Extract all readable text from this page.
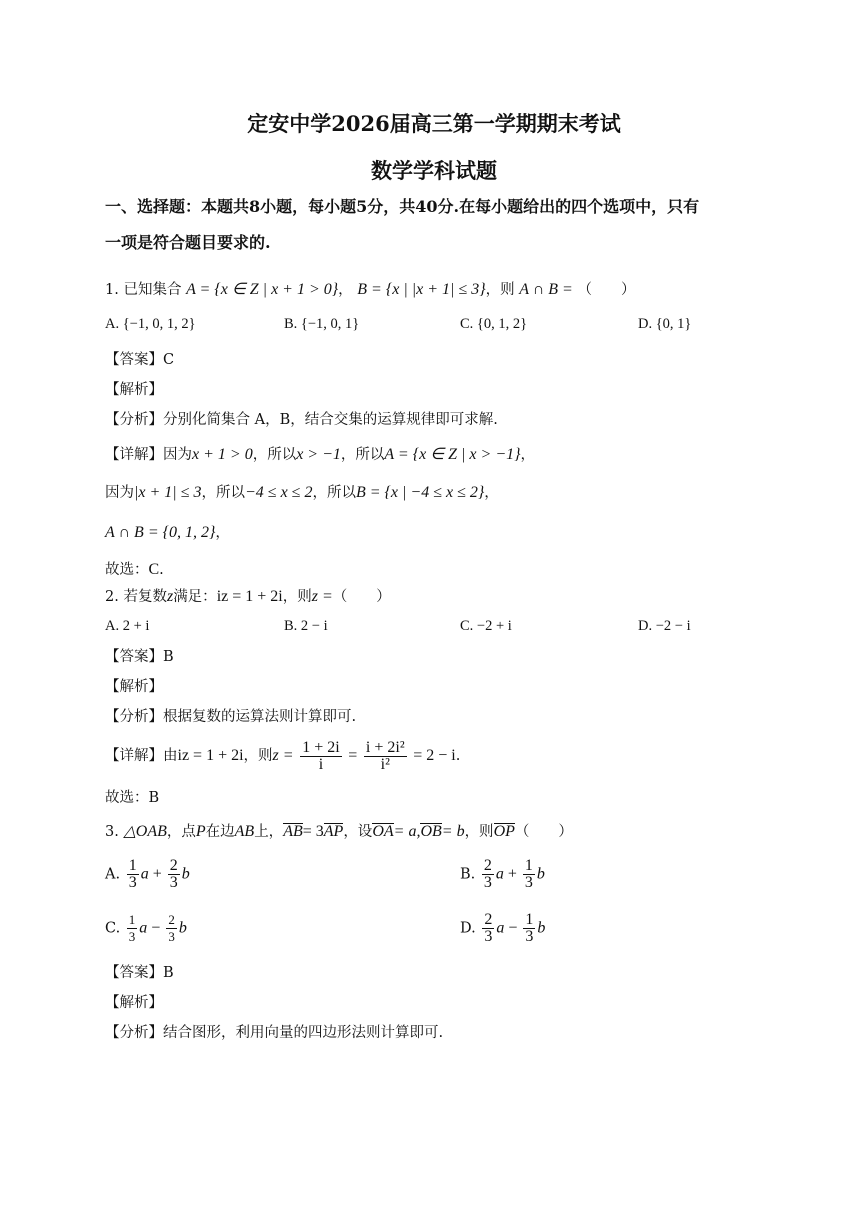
定安中学2026届高三第一学期期末考试
数学学科试题
一、选择题：本题共8小题，每小题5分，共40分.在每小题给出的四个选项中，只有
一项是符合题目要求的.
1. 已知集合 A = {x ∈ Z | x + 1 > 0}， B = {x | |x + 1| ≤ 3}，则 A ∩ B = （　　）
A. {−1, 0, 1, 2}	B. {−1, 0, 1}	C. {0, 1, 2}	D. {0, 1}
【答案】C
【解析】
【分析】分别化简集合 A，B，结合交集的运算规律即可求解.
【详解】因为x + 1 > 0，所以x > −1，所以A = {x ∈ Z | x > −1}，
因为|x + 1| ≤ 3，所以−4 ≤ x ≤ 2，所以B = {x | −4 ≤ x ≤ 2}，
A ∩ B = {0, 1, 2}，
故选：C.
2. 若复数z满足：iz = 1 + 2i，则z =（　　）
A. 2 + i	B. 2 − i	C. −2 + i	D. −2 − i
【答案】B
【解析】
【分析】根据复数的运算法则计算即可.
【详解】由iz = 1 + 2i，则$z = \frac{1 + 2i}{i} = \frac{\text{i + 2i²}}{\text{i²}} = 2 - i$.
故选：B
3. △OAB，点P在边AB上，AB= 3AP，设OA= a,OB= b，则OP（　　）
A. $\frac{1}{3}$ $a + \frac{2}{3}$ b	B. $\frac{2}{3}$ $a + \frac{1}{3}$ b
C. $\frac{1}{3}$ $a - \frac{2}{3}$ b	D. $\frac{2}{3}$ $a - \frac{1}{3}$ b
【答案】B
【解析】
【分析】结合图形，利用向量的四边形法则计算即可.
